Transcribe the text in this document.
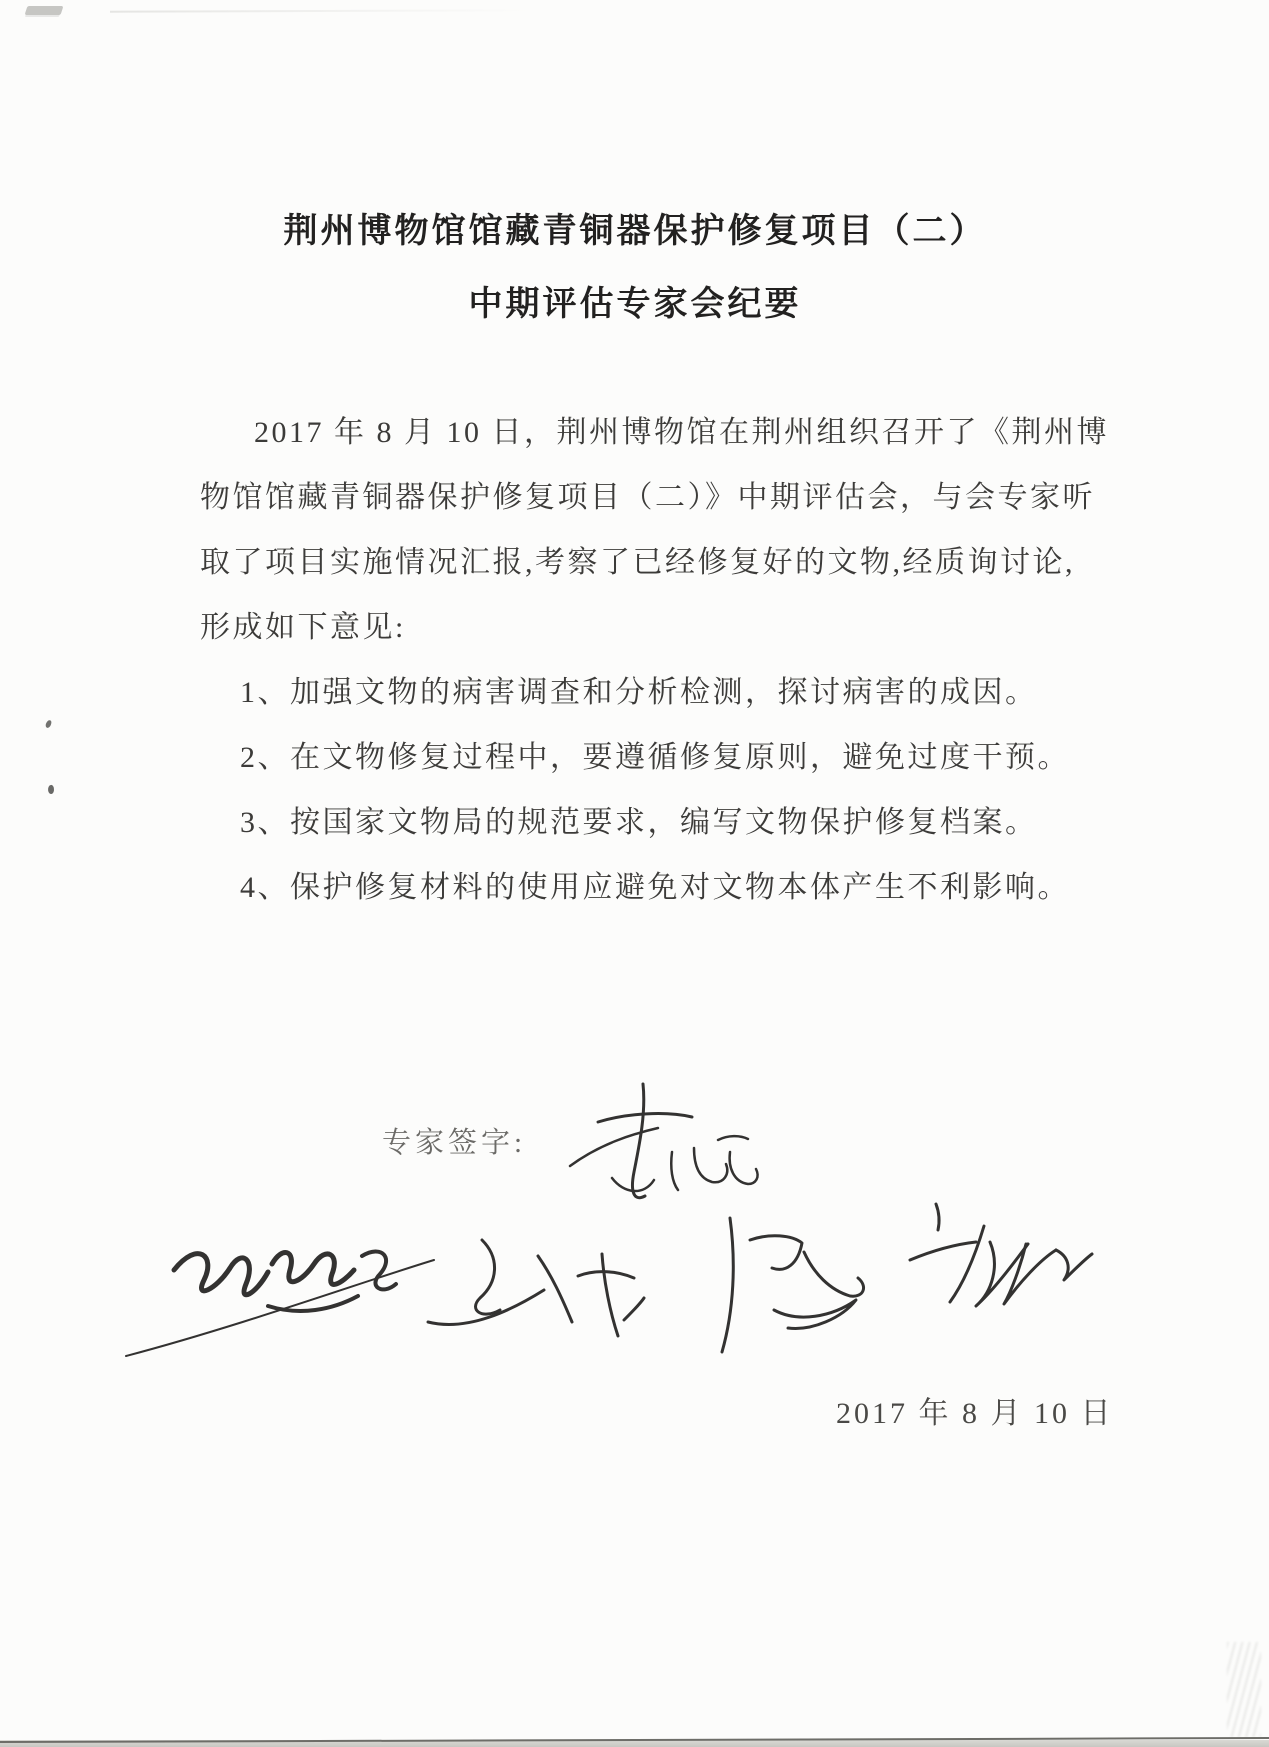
荆州博物馆馆藏青铜器保护修复项目（二）
中期评估专家会纪要
2017 年 8 月 10 日，荆州博物馆在荆州组织召开了《荆州博
物馆馆藏青铜器保护修复项目（二）》中期评估会，与会专家听
取了项目实施情况汇报,考察了已经修复好的文物,经质询讨论,
形成如下意见:
1、加强文物的病害调查和分析检测，探讨病害的成因。
2、在文物修复过程中，要遵循修复原则，避免过度干预。
3、按国家文物局的规范要求，编写文物保护修复档案。
4、保护修复材料的使用应避免对文物本体产生不利影响。
专家签字:
2017 年 8 月 10 日
